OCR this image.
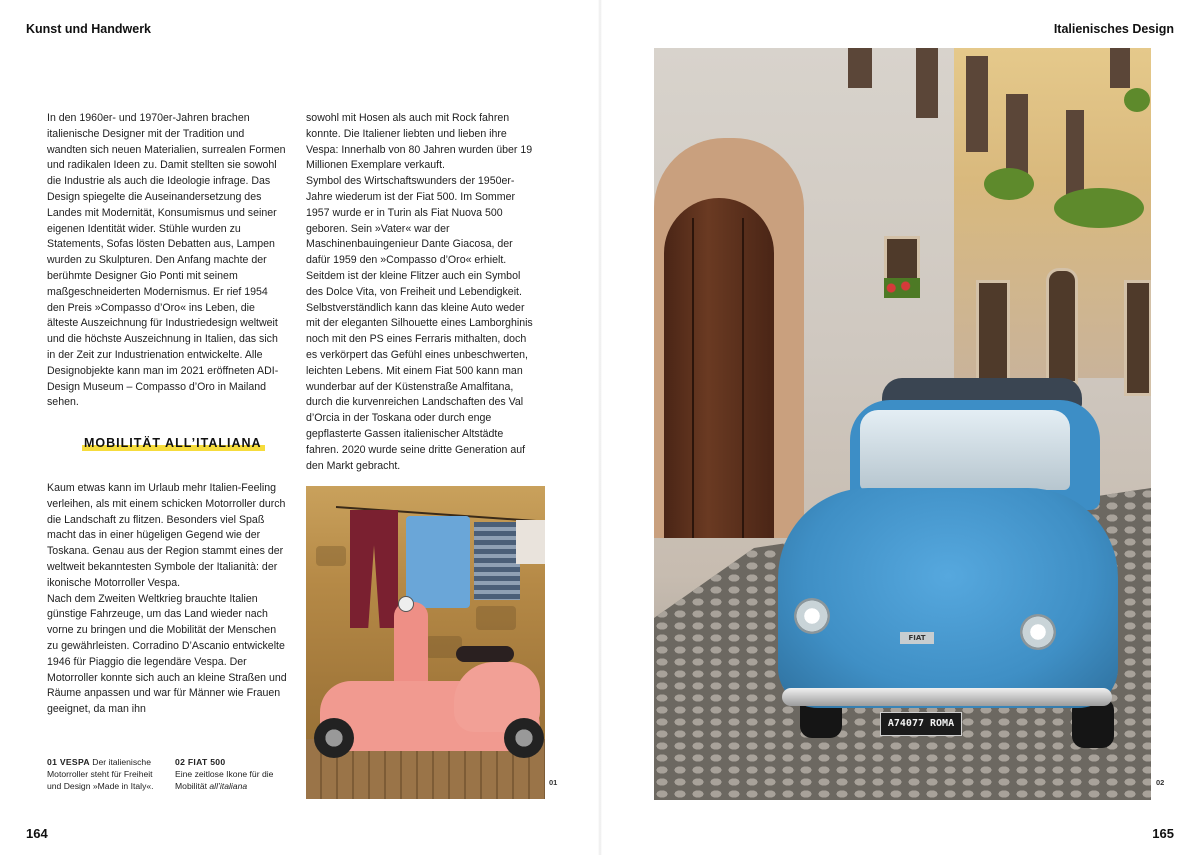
Kunst und Handwerk	Italienisches Design

In den 1960er- und 1970er-Jahren brachen italienische Designer mit der Tradition und wandten sich neuen Materialien, surrealen Formen und radikalen Ideen zu. Damit stellten sie sowohl die Industrie als auch die Ideologie infrage. Das Design spiegelte die Auseinandersetzung des Landes mit Modernität, Konsumismus und seiner eigenen Identität wider. Stühle wurden zu Statements, Sofas lösten Debatten aus, Lampen wurden zu Skulpturen. Den Anfang machte der berühmte Designer Gio Ponti mit seinem maßgeschneiderten Modernismus. Er rief 1954 den Preis »Compasso d’Oro« ins Leben, die älteste Auszeichnung für Industriedesign weltweit und die höchste Auszeichnung in Italien, das sich in der Zeit zur Industrienation entwickelte. Alle Designobjekte kann man im 2021 eröffneten ADI-Design Museum – Compasso d’Oro in Mailand sehen.

MOBILITÄT ALL’ITALIANA

Kaum etwas kann im Urlaub mehr Italien-Feeling verleihen, als mit einem schicken Motorroller durch die Landschaft zu flitzen. Besonders viel Spaß macht das in einer hügeligen Gegend wie der Toskana. Genau aus der Region stammt eines der weltweit bekanntesten Symbole der Italianità: der ikonische Motorroller Vespa.

Nach dem Zweiten Weltkrieg brauchte Italien günstige Fahrzeuge, um das Land wieder nach vorne zu bringen und die Mobilität der Menschen zu gewährleisten. Corradino D’Ascanio entwickelte 1946 für Piaggio die legendäre Vespa. Der Motorroller konnte sich auch an kleine Straßen und Räume anpassen und war für Männer wie Frauen geeignet, da man ihn

sowohl mit Hosen als auch mit Rock fahren konnte. Die Italiener liebten und lieben ihre Vespa: Innerhalb von 80 Jahren wurden über 19 Millionen Exemplare verkauft.

Symbol des Wirtschaftswunders der 1950er-Jahre wiederum ist der Fiat 500. Im Sommer 1957 wurde er in Turin als Fiat Nuova 500 geboren. Sein »Vater« war der Maschinenbauingenieur Dante Giacosa, der dafür 1959 den »Compasso d’Oro« erhielt. Seitdem ist der kleine Flitzer auch ein Symbol des Dolce Vita, von Freiheit und Lebendigkeit. Selbstverständlich kann das kleine Auto weder mit der eleganten Silhouette eines Lamborghinis noch mit den PS eines Ferraris mithalten, doch es verkörpert das Gefühl eines unbeschwerten, leichten Lebens. Mit einem Fiat 500 kann man wunderbar auf der Küstenstraße Amalfitana, durch die kurvenreichen Landschaften des Val d’Orcia in der Toskana oder durch enge gepflasterte Gassen italienischer Altstädte fahren. 2020 wurde seine dritte Generation auf den Markt gebracht.

01
FIAT
A74077 ROMA
02
01 VESPA Der italienische Motorroller steht für Freiheit und Design »Made in Italy«.
02 FIAT 500
Eine zeitlose Ikone für die Mobilität all’italiana
164	165
